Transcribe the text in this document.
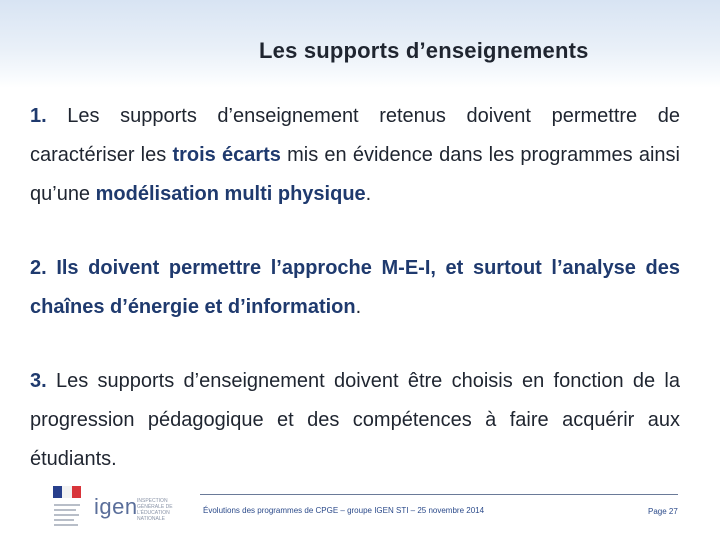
Les supports d’enseignements

1. Les supports d’enseignement retenus doivent permettre de caractériser les trois écarts mis en évidence dans les programmes ainsi qu’une modélisation multi physique.

2. Ils doivent permettre l’approche M-E-I, et surtout l’analyse des chaînes d’énergie et d’information.

3. Les supports d’enseignement doivent être choisis en fonction de la progression pédagogique et des compétences à faire acquérir aux étudiants.

igen INSPECTION GÉNÉRALE DE L’ÉDUCATION NATIONALE
Évolutions des programmes de CPGE – groupe IGEN STI – 25 novembre 2014	Page 27
